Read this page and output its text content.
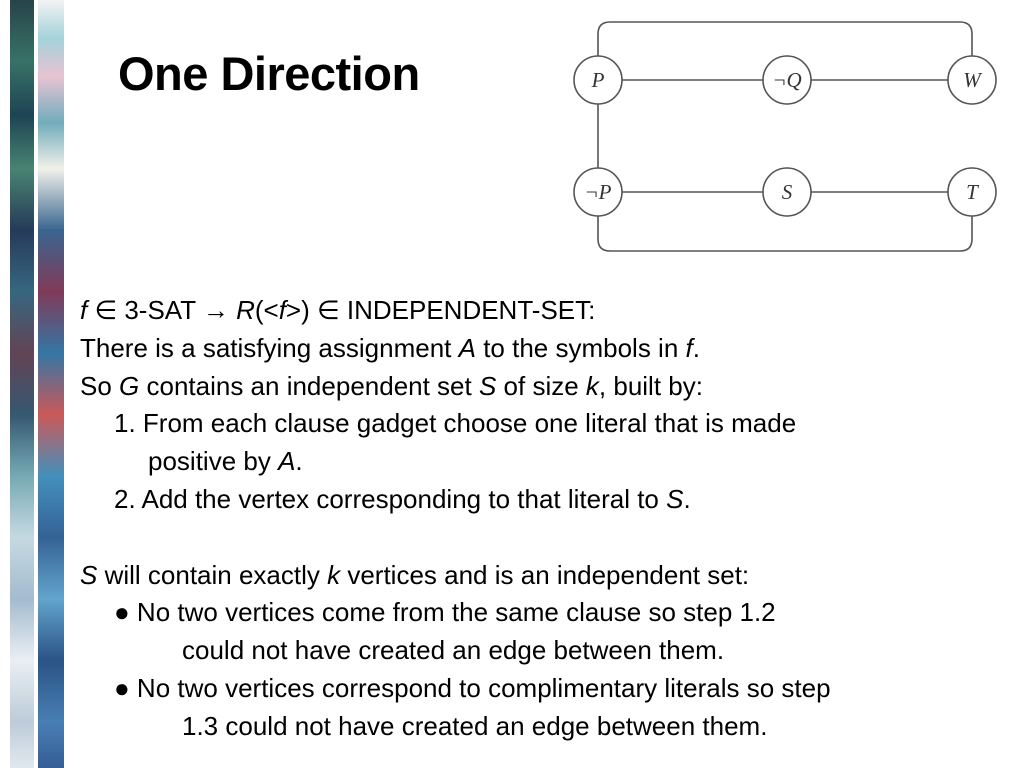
One Direction	P	¬Q	W
¬P	S	T
f ∈ 3-SAT → R(<f>) ∈ INDEPENDENT-SET:
There is a satisfying assignment A to the symbols in f.
So G contains an independent set S of size k, built by:
1. From each clause gadget choose one literal that is made
positive by A.
2. Add the vertex corresponding to that literal to S.
S will contain exactly k vertices and is an independent set:
● No two vertices come from the same clause so step 1.2
could not have created an edge between them.
● No two vertices correspond to complimentary literals so step
1.3 could not have created an edge between them.
